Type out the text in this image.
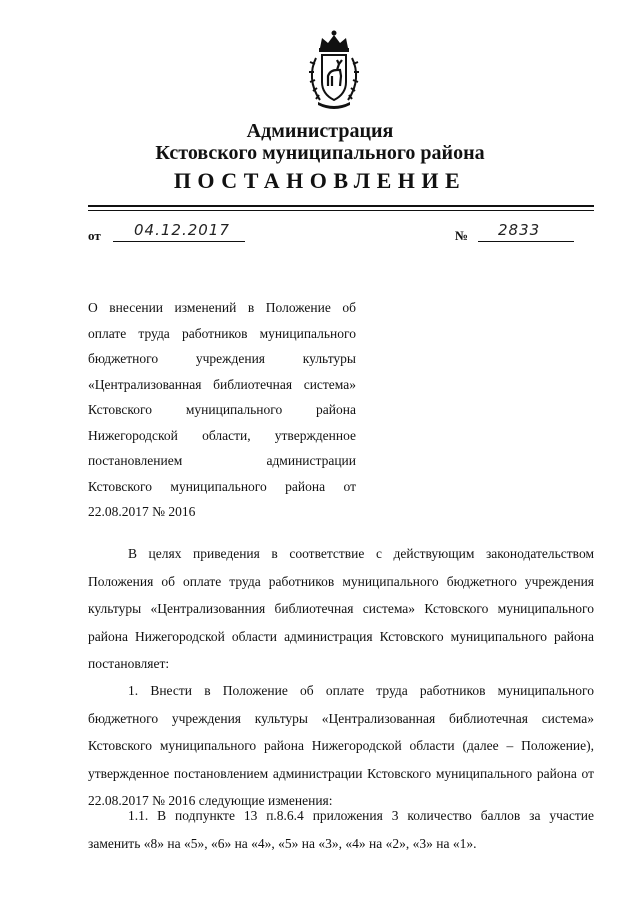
Администрация
Кстовского муниципального района
ПОСТАНОВЛЕНИЕ
от 04.12.2017	№ 2833
О внесении изменений в Положение об
оплате труда работников муниципального
бюджетного учреждения культуры
«Централизованная библиотечная система»
Кстовского муниципального района
Нижегородской области, утвержденное
постановлением администрации
Кстовского муниципального района от
22.08.2017 № 2016
В целях приведения в соответствие с действующим законодательством Положения об оплате труда работников муниципального бюджетного учреждения культуры «Централизованния библиотечная система» Кстовского муниципального района Нижегородской области администрация Кстовского муниципального района постановляет:
1. Внести в Положение об оплате труда работников муниципального бюджетного учреждения культуры «Централизованная библиотечная система» Кстовского муниципального района Нижегородской области (далее – Положение), утвержденное постановлением администрации Кстовского муниципального района от 22.08.2017 № 2016 следующие изменения:
1.1. В подпункте 13 п.8.6.4 приложения 3 количество баллов за участие заменить «8» на «5», «6» на «4», «5» на «3», «4» на «2», «3» на «1».
